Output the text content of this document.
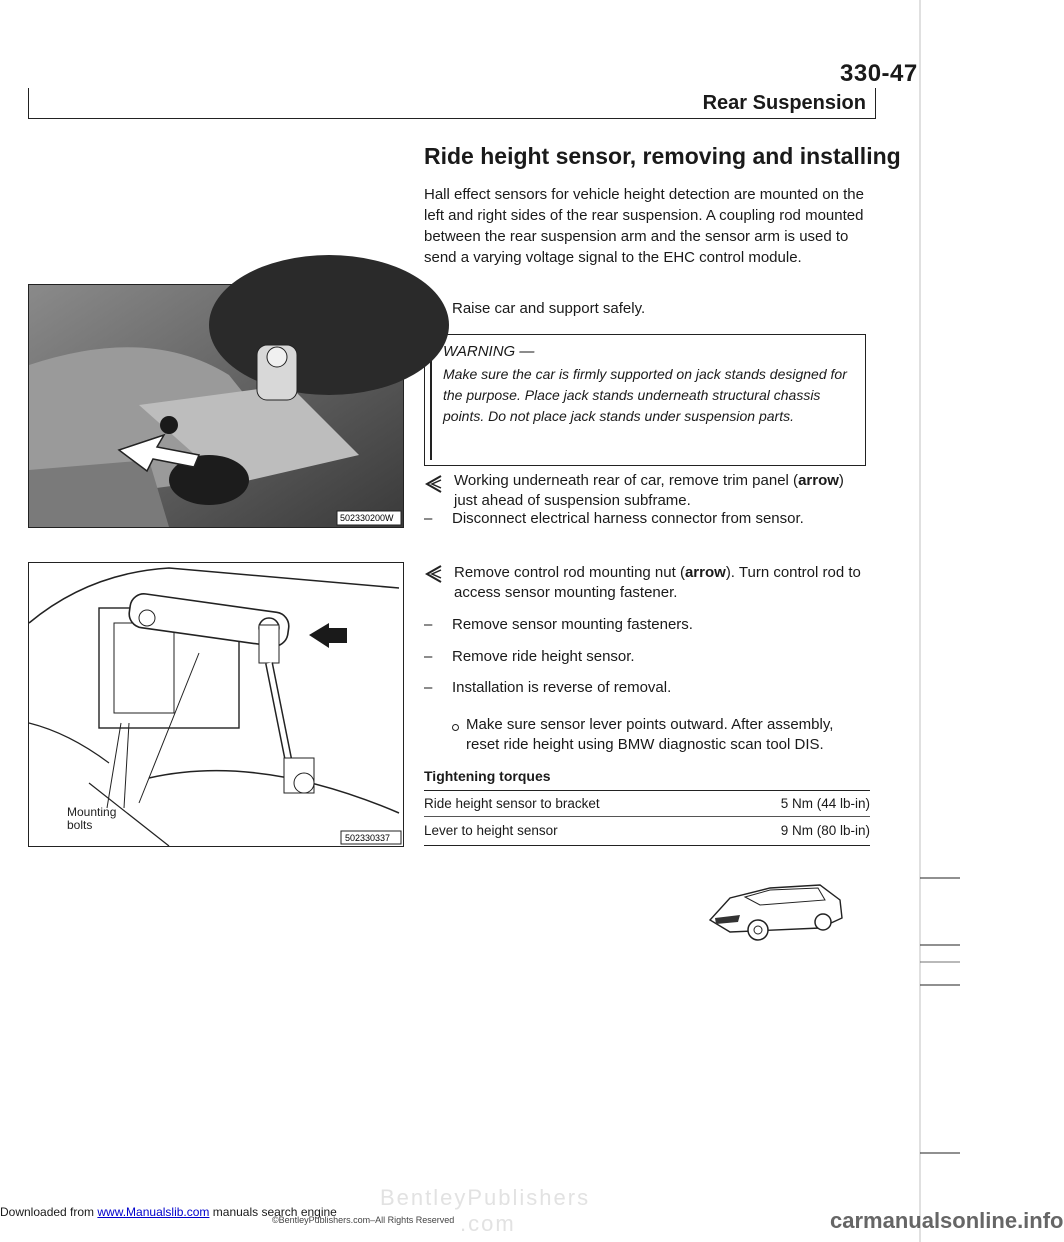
330-47
Rear Suspension
Ride height sensor, removing and installing
Hall effect sensors for vehicle height detection are mounted on the left and right sides of the rear suspension. A coupling rod mounted between the rear suspension arm and the sensor arm is used to send a varying voltage signal to the EHC control module.
Raise car and support safely.
WARNING —
Make sure the car is firmly supported on jack stands designed for the purpose. Place jack stands underneath structural chassis points. Do not place jack stands under suspension parts.
Working underneath rear of car, remove trim panel (arrow) just ahead of suspension subframe.
– Disconnect electrical harness connector from sensor.
Remove control rod mounting nut (arrow). Turn control rod to access sensor mounting fastener.
– Remove sensor mounting fasteners.
– Remove ride height sensor.
– Installation is reverse of removal.
Make sure sensor lever points outward. After assembly, reset ride height using BMW diagnostic scan tool DIS.
Tightening torques
Ride height sensor to bracket	5 Nm (44 lb-in)
Lever to height sensor	9 Nm (80 lb-in)
502330200W
Mounting
bolts
502330337
BentleyPublishers
.com
Downloaded from www.Manualslib.com manuals search engine
©BentleyPublishers.com–All Rights Reserved	carmanualsonline.info
